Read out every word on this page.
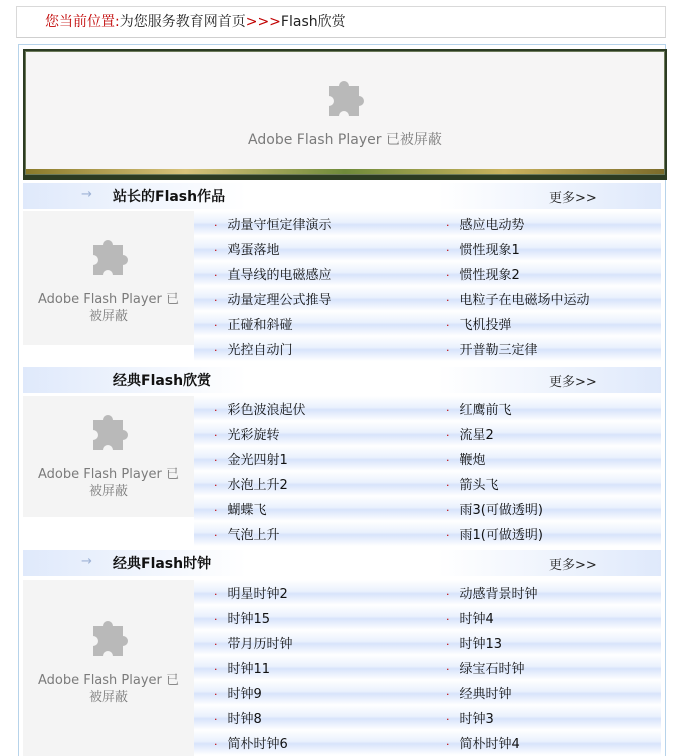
您当前位置:为您服务教育网首页>>>Flash欣赏
Adobe Flash Player 已被屏蔽
→ 站长的Flash作品	更多>>
Adobe Flash Player 已
被屏蔽
· 动量守恒定律演示	· 感应电动势
· 鸡蛋落地	· 惯性现象1
· 直导线的电磁感应	· 惯性现象2
· 动量定理公式推导	· 电粒子在电磁场中运动
· 正碰和斜碰	· 飞机投弹
· 光控自动门	· 开普勒三定律
经典Flash欣赏	更多>>
Adobe Flash Player 已
被屏蔽
· 彩色波浪起伏	· 红鹰前飞
· 光彩旋转	· 流星2
· 金光四射1	· 鞭炮
· 水泡上升2	· 箭头飞
· 蝴蝶飞	· 雨3(可做透明)
· 气泡上升	· 雨1(可做透明)
→ 经典Flash时钟	更多>>
Adobe Flash Player 已
被屏蔽
· 明星时钟2	· 动感背景时钟
· 时钟15	· 时钟4
· 带月历时钟	· 时钟13
· 时钟11	· 绿宝石时钟
· 时钟9	· 经典时钟
· 时钟8	· 时钟3
· 简朴时钟6	· 简朴时钟4
